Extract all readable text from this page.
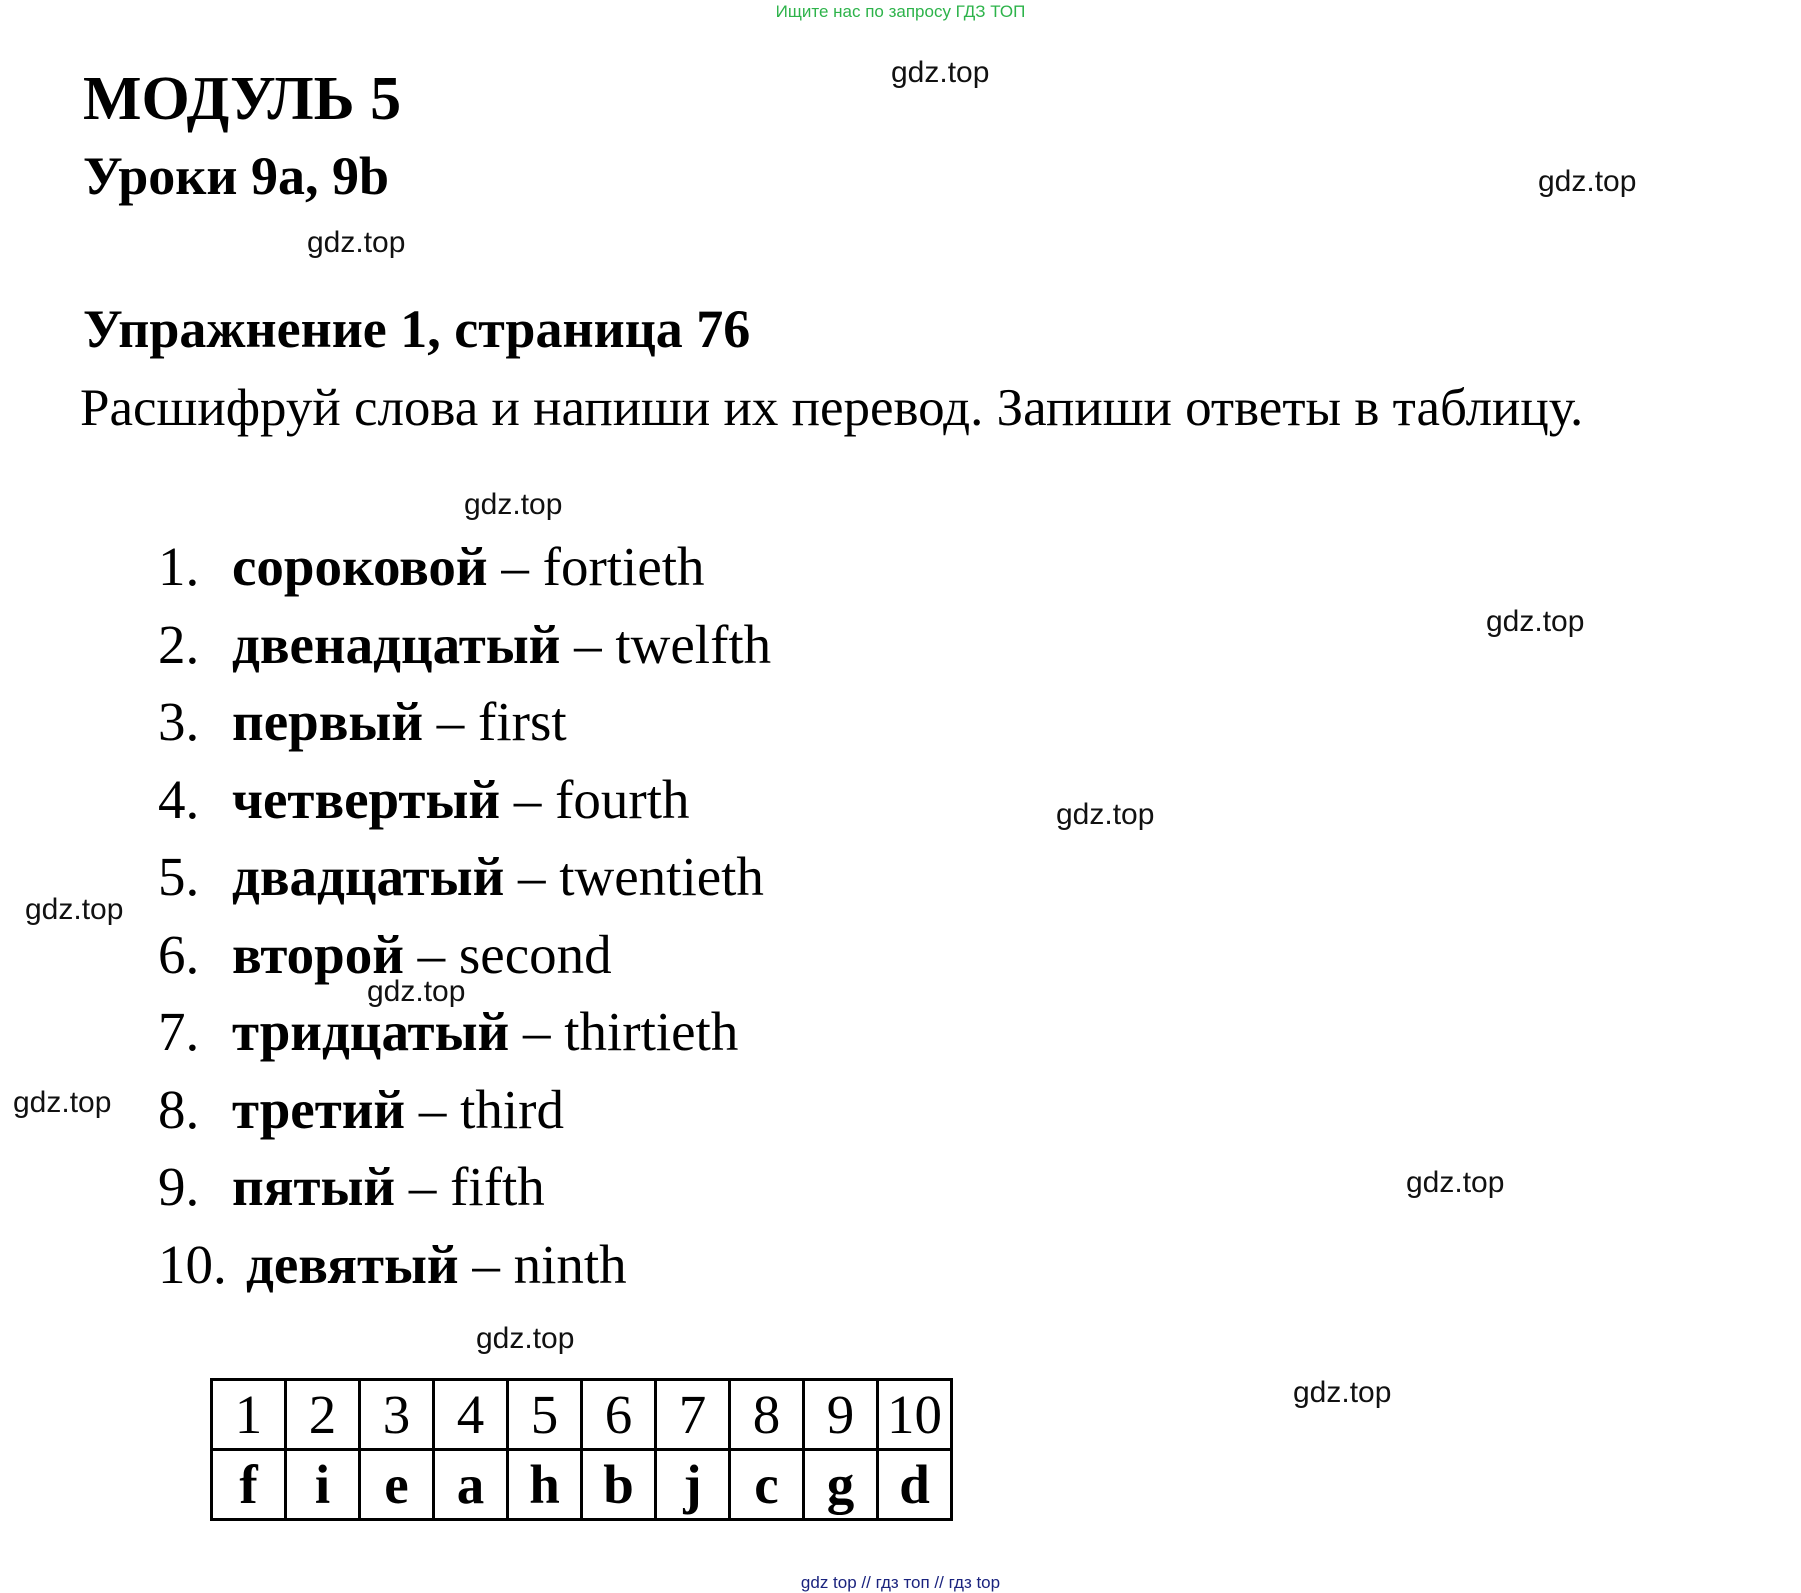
Ищите нас по запросу ГДЗ ТОП
МОДУЛЬ 5
Уроки 9a, 9b
Упражнение 1, страница 76
Расшифруй слова и напиши их перевод. Запиши ответы в таблицу.
1. сороковой – fortieth
2. двенадцатый – twelfth
3. первый – first
4. четвертый – fourth
5. двадцатый – twentieth
6. второй – second
7. тридцатый – thirtieth
8. третий – third
9. пятый – fifth
10. девятый – ninth
1	2	3	4	5	6	7	8	9	10
f	i	e	a	h	b	j	c	g	d
gdz.top
gdz.top
gdz.top
gdz.top
gdz.top
gdz.top
gdz.top
gdz.top
gdz.top
gdz.top
gdz.top
gdz.top
gdz top // гдз топ // гдз top
